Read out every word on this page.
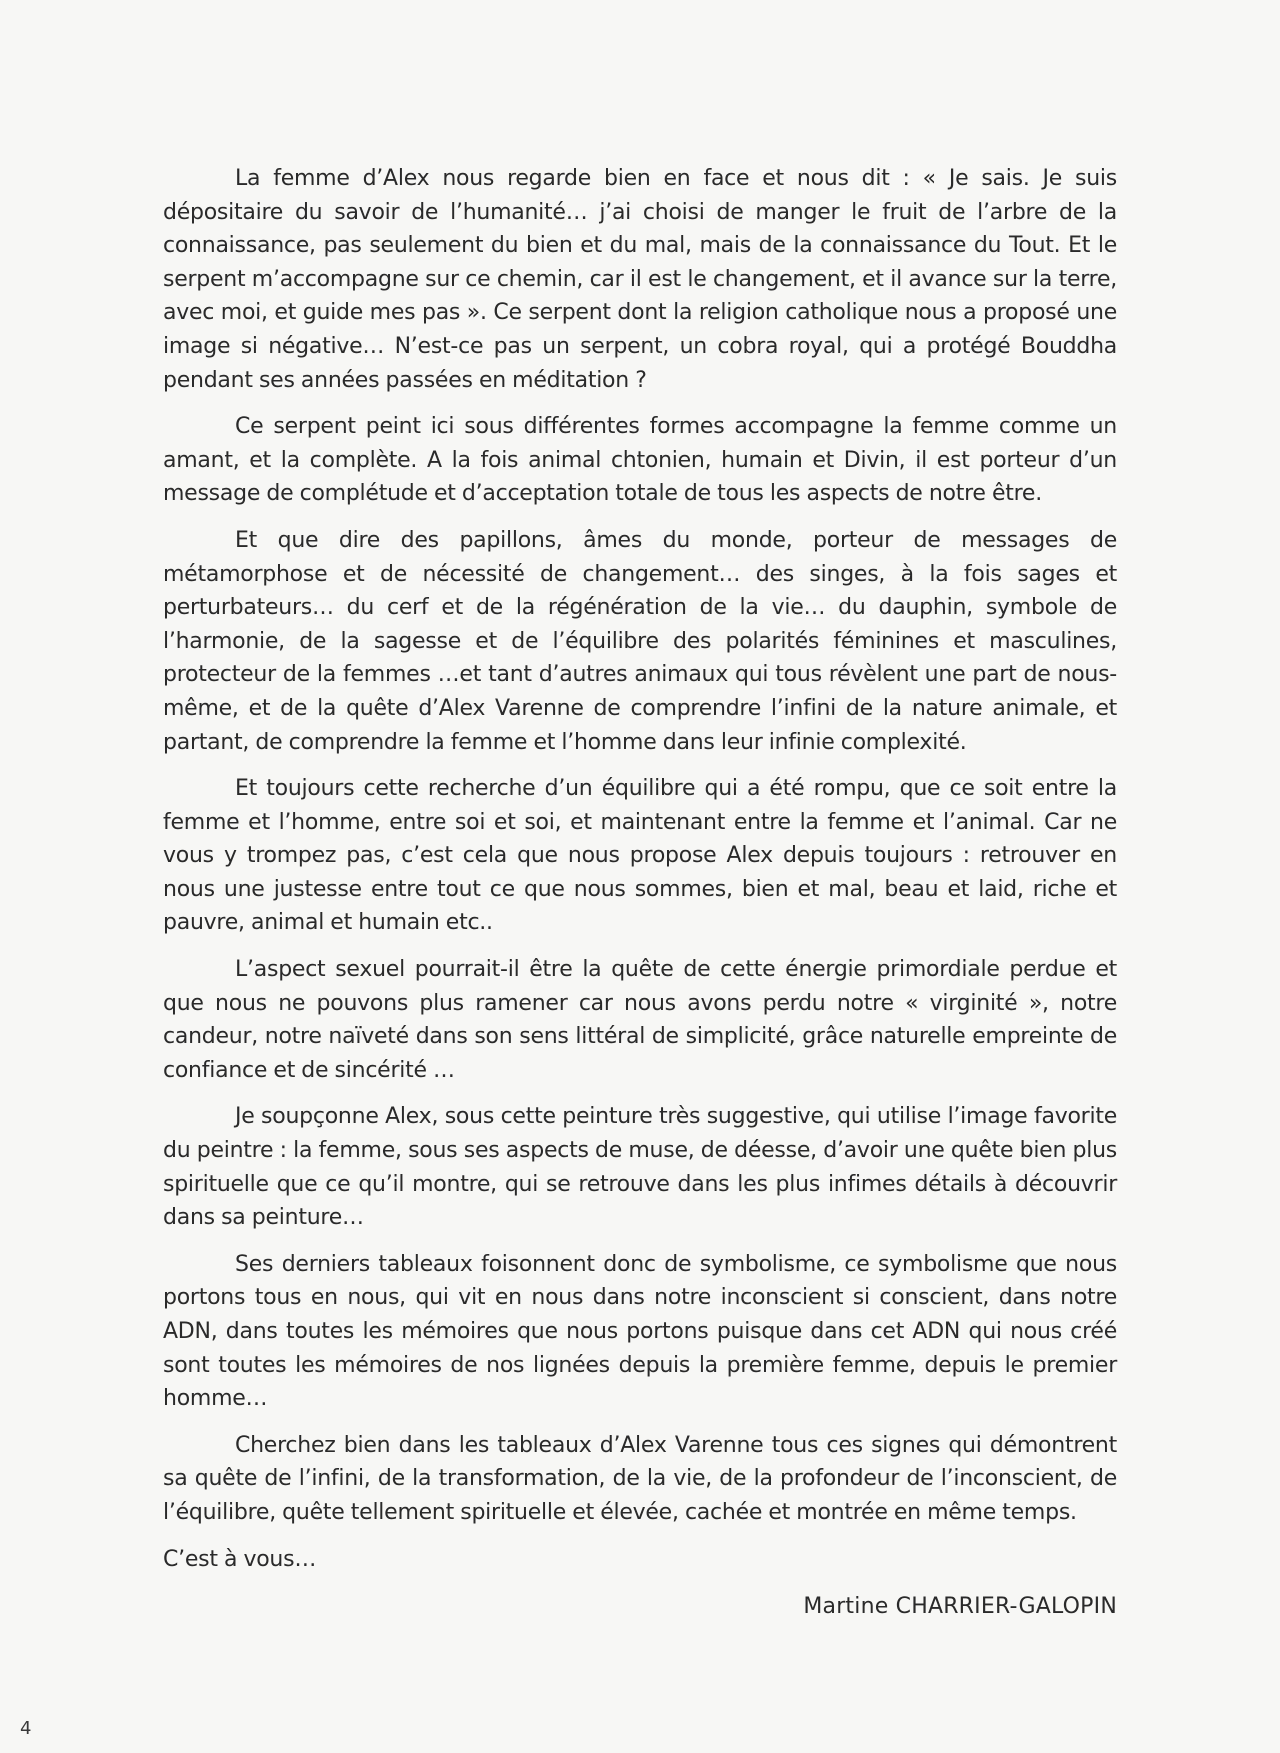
La femme d’Alex nous regarde bien en face et nous dit : « Je sais. Je suis dépositaire du savoir de l’humanité… j’ai choisi de manger le fruit de l’arbre de la connaissance, pas seulement du bien et du mal, mais de la connaissance du Tout. Et le serpent m’accompagne sur ce chemin, car il est le changement, et il avance sur la terre, avec moi, et guide mes pas ». Ce serpent dont la religion catholique nous a proposé une image si négative… N’est-ce pas un serpent, un cobra royal, qui a protégé Bouddha pendant ses années passées en méditation ?

Ce serpent peint ici sous différentes formes accompagne la femme comme un amant, et la complète. A la fois animal chtonien, humain et Divin, il est porteur d’un message de complétude et d’acceptation totale de tous les aspects de notre être.

Et que dire des papillons, âmes du monde, porteur de messages de métamorphose et de nécessité de changement… des singes, à la fois sages et perturbateurs… du cerf et de la régénération de la vie… du dauphin, symbole de l’harmonie, de la sagesse et de l’équilibre des polarités féminines et masculines, protecteur de la femmes …et tant d’autres animaux qui tous révèlent une part de nous-même, et de la quête d’Alex Varenne de comprendre l’infini de la nature animale, et partant, de comprendre la femme et l’homme dans leur infinie complexité.

Et toujours cette recherche d’un équilibre qui a été rompu, que ce soit entre la femme et l’homme, entre soi et soi, et maintenant entre la femme et l’animal. Car ne vous y trompez pas, c’est cela que nous propose Alex depuis toujours : retrouver en nous une justesse entre tout ce que nous sommes, bien et mal, beau et laid, riche et pauvre, animal et humain etc..

L’aspect sexuel pourrait-il être la quête de cette énergie primordiale perdue et que nous ne pouvons plus ramener car nous avons perdu notre « virginité », notre candeur, notre naïveté dans son sens littéral de simplicité, grâce naturelle empreinte de confiance et de sincérité …

Je soupçonne Alex, sous cette peinture très suggestive, qui utilise l’image favorite du peintre : la femme, sous ses aspects de muse, de déesse, d’avoir une quête bien plus spirituelle que ce qu’il montre, qui se retrouve dans les plus infimes détails à découvrir dans sa peinture…

Ses derniers tableaux foisonnent donc de symbolisme, ce symbolisme que nous portons tous en nous, qui vit en nous dans notre inconscient si conscient, dans notre ADN, dans toutes les mémoires que nous portons puisque dans cet ADN qui nous créé sont toutes les mémoires de nos lignées depuis la première femme, depuis le premier homme…

Cherchez bien dans les tableaux d’Alex Varenne tous ces signes qui démontrent sa quête de l’infini, de la transformation, de la vie, de la profondeur de l’inconscient, de l’équilibre, quête tellement spirituelle et élevée, cachée et montrée en même temps.

C’est à vous…

Martine CHARRIER-GALOPIN

4
